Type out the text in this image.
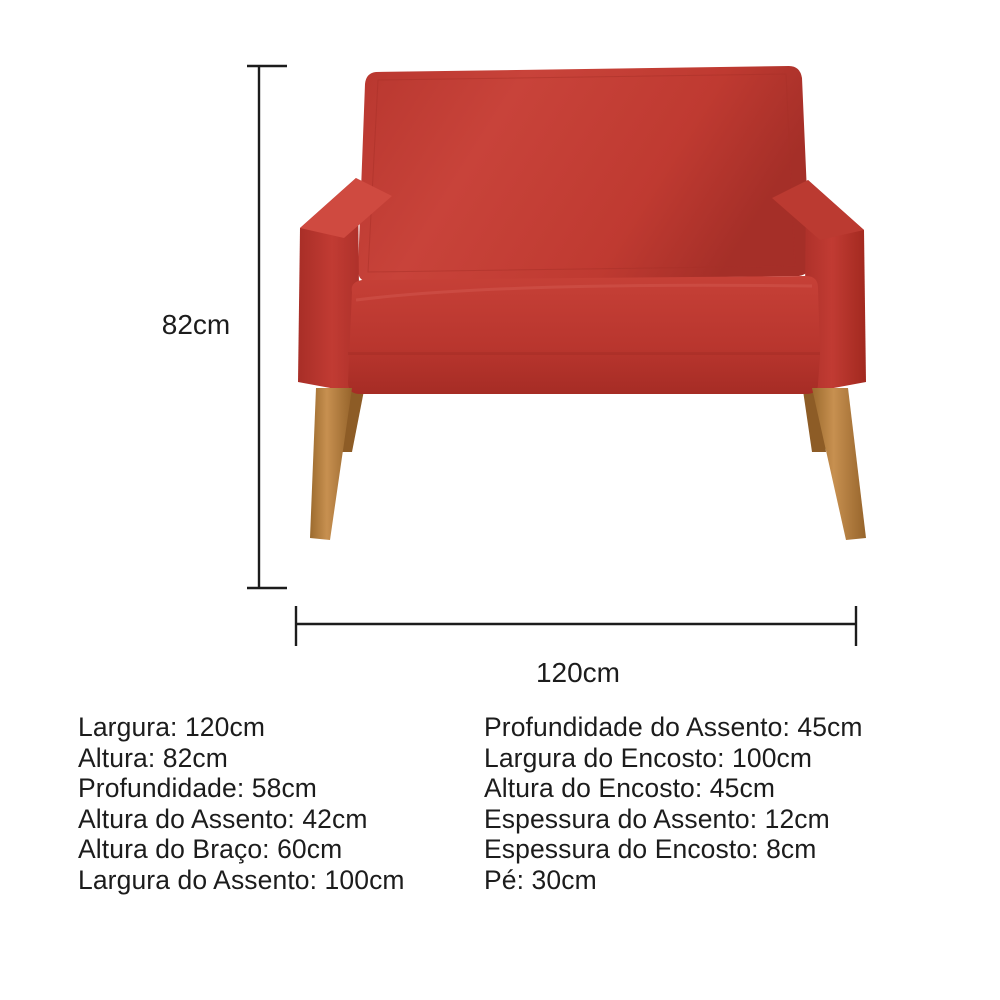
82cm
120cm
Largura: 120cm
Altura: 82cm
Profundidade: 58cm
Altura do Assento: 42cm
Altura do Braço: 60cm
Largura do Assento: 100cm
Profundidade do Assento: 45cm
Largura do Encosto: 100cm
Altura do Encosto: 45cm
Espessura do Assento: 12cm
Espessura do Encosto: 8cm
Pé: 30cm
